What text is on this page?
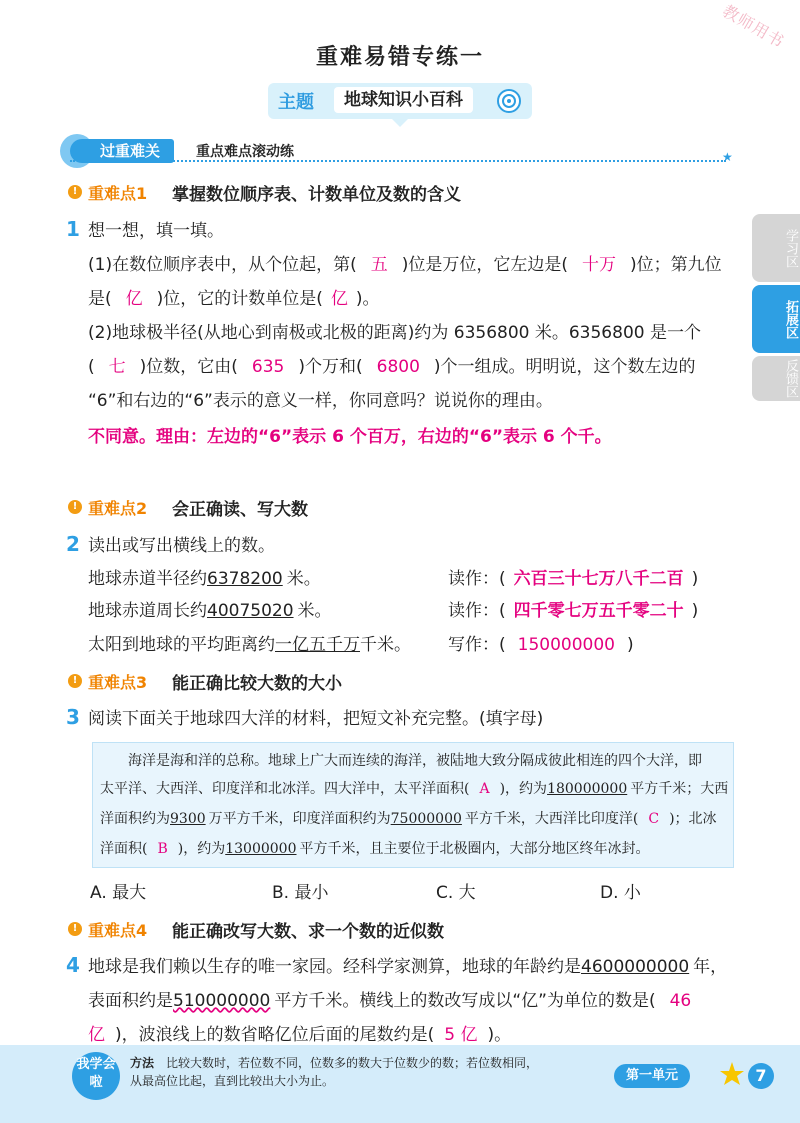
教师用书
重难易错专练一
主题	地球知识小百科
过重难关	重点难点滚动练	★
学习区
拓展区
反馈区
! 重难点1 掌握数位顺序表、计数单位及数的含义
1 想一想，填一填。
(1)在数位顺序表中，从个位起，第( 五 )位是万位，它左边是( 十万 )位；第九位
是( 亿 )位，它的计数单位是( 亿 )。
(2)地球极半径(从地心到南极或北极的距离)约为 6356800 米。6356800 是一个
( 七 )位数，它由( 635 )个万和( 6800 )个一组成。明明说，这个数左边的
“6”和右边的“6”表示的意义一样，你同意吗？说说你的理由。
不同意。理由：左边的“6”表示 6 个百万，右边的“6”表示 6 个千。
! 重难点2 会正确读、写大数
2 读出或写出横线上的数。
地球赤道半径约6378200 米。	读作：( 六百三十七万八千二百 )
地球赤道周长约40075020 米。	读作：( 四千零七万五千零二十 )
太阳到地球的平均距离约一亿五千万千米。 写作：( 150000000 )
! 重难点3 能正确比较大数的大小
3 阅读下面关于地球四大洋的材料，把短文补充完整。(填字母)
海洋是海和洋的总称。地球上广大而连续的海洋，被陆地大致分隔成彼此相连的四个大洋，即
太平洋、大西洋、印度洋和北冰洋。四大洋中，太平洋面积( A )，约为180000000 平方千米；大西
洋面积约为9300 万平方千米，印度洋面积约为75000000 平方千米，大西洋比印度洋( C )；北冰
洋面积( B )，约为13000000 平方千米，且主要位于北极圈内，大部分地区终年冰封。
A. 最大	B. 最小	C. 大	D. 小
! 重难点4 能正确改写大数、求一个数的近似数
4 地球是我们赖以生存的唯一家园。经科学家测算，地球的年龄约是4600000000 年，
表面积约是510000000 平方千米。横线上的数改写成以“亿”为单位的数是( 46
亿 )，波浪线上的数省略亿位后面的尾数约是( 5 亿 )。
我学会啦
方法 比较大数时，若位数不同，位数多的数大于位数少的数；若位数相同，
从最高位比起，直到比较出大小为止。	第一单元	7
